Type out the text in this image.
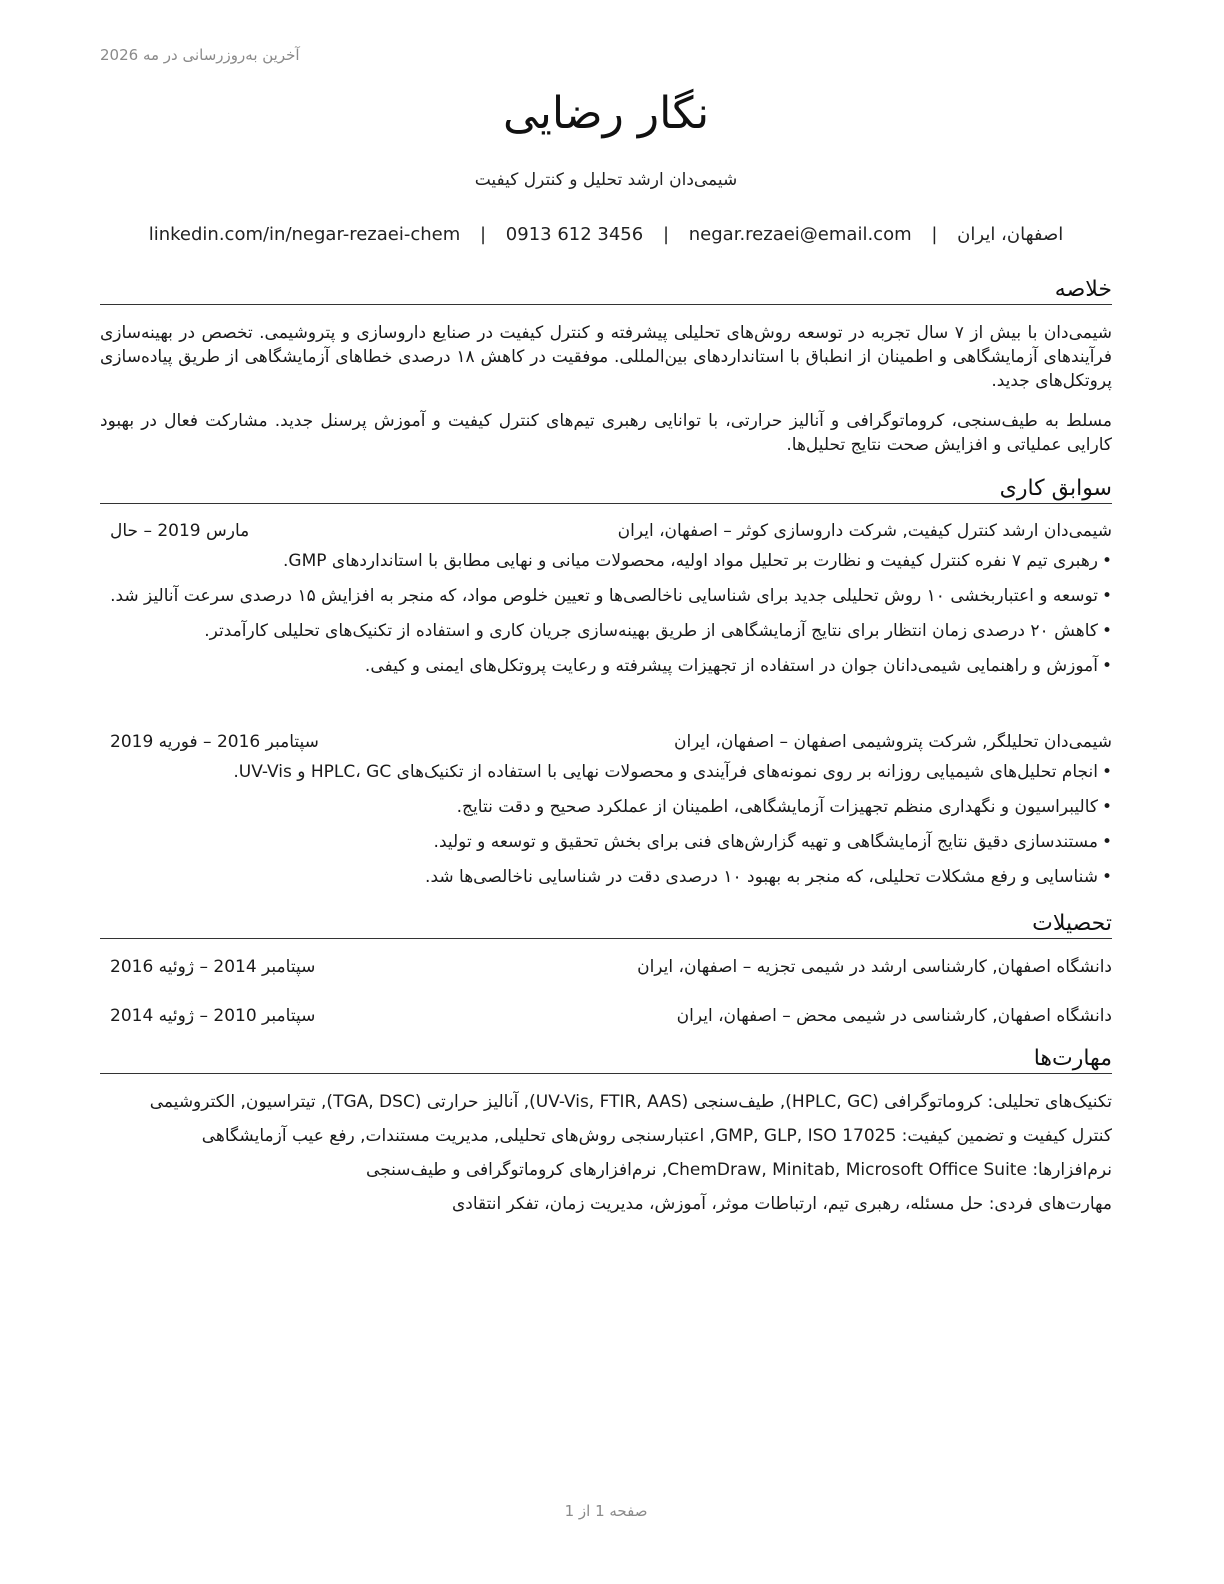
آخرین به‌روزرسانی در مه 2026
نگار رضایی
شیمی‌دان ارشد تحلیل و کنترل کیفیت
اصفهان، ایران | negar.rezaei@email.com | 0913 612 3456 | linkedin.com/in/negar-rezaei-chem
خلاصه
شیمی‌دان با بیش از ۷ سال تجربه در توسعه روش‌های تحلیلی پیشرفته و کنترل کیفیت در صنایع داروسازی و پتروشیمی. تخصص در بهینه‌سازی فرآیندهای آزمایشگاهی و اطمینان از انطباق با استانداردهای بین‌المللی. موفقیت در کاهش ۱۸ درصدی خطاهای آزمایشگاهی از طریق پیاده‌سازی پروتکل‌های جدید.
مسلط به طیف‌سنجی، کروماتوگرافی و آنالیز حرارتی، با توانایی رهبری تیم‌های کنترل کیفیت و آموزش پرسنل جدید. مشارکت فعال در بهبود کارایی عملیاتی و افزایش صحت نتایج تحلیل‌ها.
سوابق کاری
شیمی‌دان ارشد کنترل کیفیت, شرکت داروسازی کوثر – اصفهان، ایران
مارس 2019 – حال
•
رهبری تیم ۷ نفره کنترل کیفیت و نظارت بر تحلیل مواد اولیه، محصولات میانی و نهایی مطابق با استانداردهای GMP.
•
توسعه و اعتباربخشی ۱۰ روش تحلیلی جدید برای شناسایی ناخالصی‌ها و تعیین خلوص مواد، که منجر به افزایش ۱۵ درصدی سرعت آنالیز شد.
•
کاهش ۲۰ درصدی زمان انتظار برای نتایج آزمایشگاهی از طریق بهینه‌سازی جریان کاری و استفاده از تکنیک‌های تحلیلی کارآمدتر.
•
آموزش و راهنمایی شیمی‌دانان جوان در استفاده از تجهیزات پیشرفته و رعایت پروتکل‌های ایمنی و کیفی.
شیمی‌دان تحلیلگر, شرکت پتروشیمی اصفهان – اصفهان، ایران
سپتامبر 2016 – فوریه 2019
•
انجام تحلیل‌های شیمیایی روزانه بر روی نمونه‌های فرآیندی و محصولات نهایی با استفاده از تکنیک‌های HPLC، GC و UV-Vis.
•
کالیبراسیون و نگهداری منظم تجهیزات آزمایشگاهی، اطمینان از عملکرد صحیح و دقت نتایج.
•
مستندسازی دقیق نتایج آزمایشگاهی و تهیه گزارش‌های فنی برای بخش تحقیق و توسعه و تولید.
•
شناسایی و رفع مشکلات تحلیلی، که منجر به بهبود ۱۰ درصدی دقت در شناسایی ناخالصی‌ها شد.
تحصیلات
دانشگاه اصفهان, کارشناسی ارشد در شیمی تجزیه – اصفهان، ایران
سپتامبر 2014 – ژوئیه 2016
دانشگاه اصفهان, کارشناسی در شیمی محض – اصفهان، ایران
سپتامبر 2010 – ژوئیه 2014
مهارت‌ها
تکنیک‌های تحلیلی: کروماتوگرافی (HPLC, GC), طیف‌سنجی (UV-Vis, FTIR, AAS), آنالیز حرارتی (TGA, DSC), تیتراسیون, الکتروشیمی
کنترل کیفیت و تضمین کیفیت: GMP, GLP, ISO 17025, اعتبارسنجی روش‌های تحلیلی, مدیریت مستندات, رفع عیب آزمایشگاهی
نرم‌افزارها: ChemDraw, Minitab, Microsoft Office Suite, نرم‌افزارهای کروماتوگرافی و طیف‌سنجی
مهارت‌های فردی: حل مسئله، رهبری تیم، ارتباطات موثر، آموزش، مدیریت زمان، تفکر انتقادی
صفحه 1 از 1
